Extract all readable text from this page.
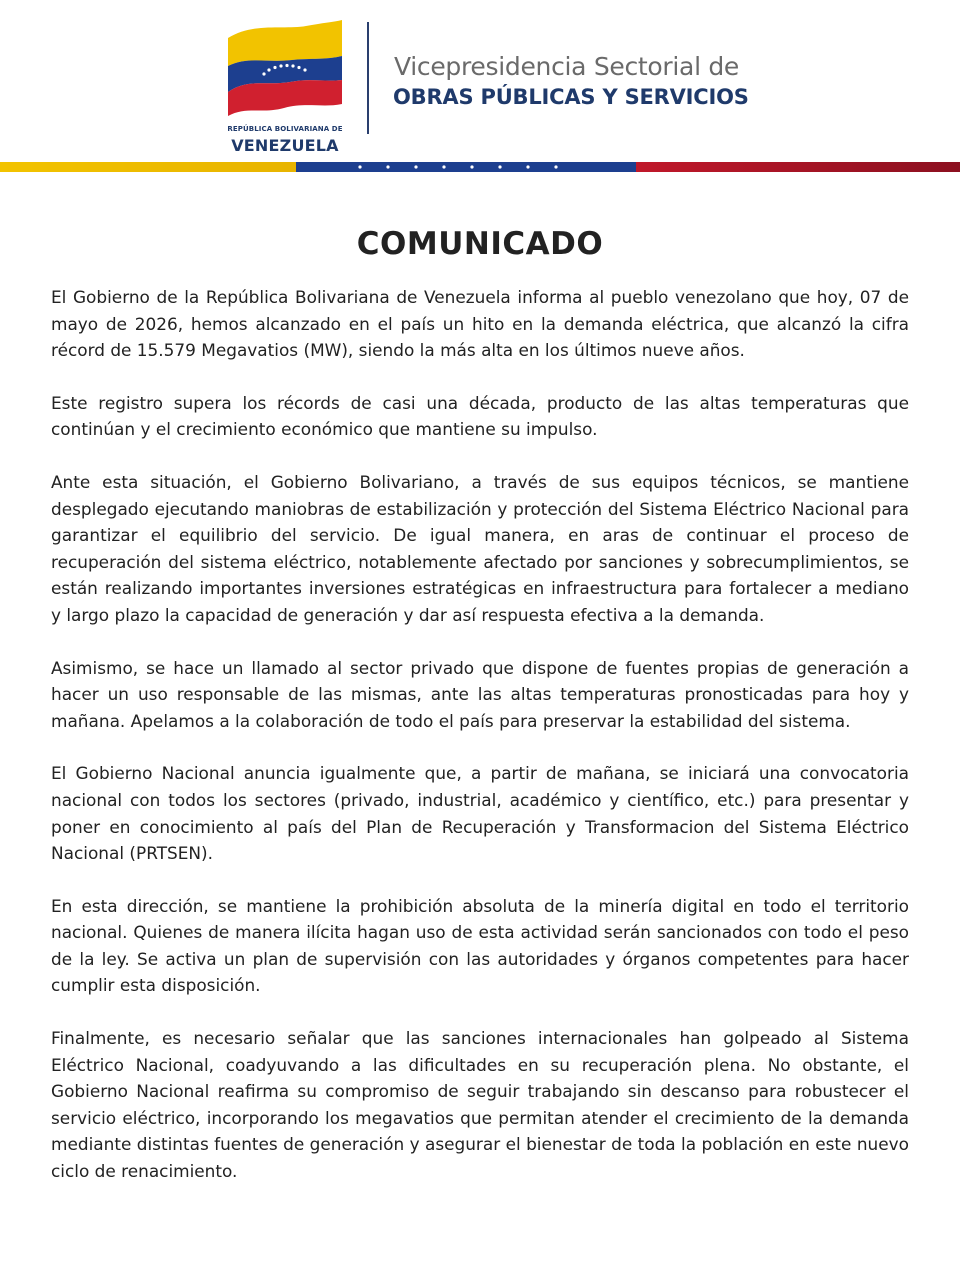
REPÚBLICA BOLIVARIANA DE
VENEZUELA
Vicepresidencia Sectorial de
OBRAS PÚBLICAS Y SERVICIOS
COMUNICADO

El Gobierno de la República Bolivariana de Venezuela informa al pueblo venezolano que hoy, 07 de mayo de 2026, hemos alcanzado en el país un hito en la demanda eléctrica, que alcanzó la cifra récord de 15.579 Megavatios (MW), siendo la más alta en los últimos nueve años.

Este registro supera los récords de casi una década, producto de las altas temperaturas que continúan y el crecimiento económico que mantiene su impulso.

Ante esta situación, el Gobierno Bolivariano, a través de sus equipos técnicos, se mantiene desplegado ejecutando maniobras de estabilización y protección del Sistema Eléctrico Nacional para garantizar el equilibrio del servicio. De igual manera, en aras de continuar el proceso de recuperación del sistema eléctrico, notablemente afectado por sanciones y sobrecumplimientos, se están realizando importantes inversiones estratégicas en infraestructura para fortalecer a mediano y largo plazo la capacidad de generación y dar así respuesta efectiva a la demanda.

Asimismo, se hace un llamado al sector privado que dispone de fuentes propias de generación a hacer un uso responsable de las mismas, ante las altas temperaturas pronosticadas para hoy y mañana. Apelamos a la colaboración de todo el país para preservar la estabilidad del sistema.

El Gobierno Nacional anuncia igualmente que, a partir de mañana, se iniciará una convocatoria nacional con todos los sectores (privado, industrial, académico y científico, etc.) para presentar y poner en conocimiento al país del Plan de Recuperación y Transformacion del Sistema Eléctrico Nacional (PRTSEN).

En esta dirección, se mantiene la prohibición absoluta de la minería digital en todo el territorio nacional. Quienes de manera ilícita hagan uso de esta actividad serán sancionados con todo el peso de la ley. Se activa un plan de supervisión con las autoridades y órganos competentes para hacer cumplir esta disposición.

Finalmente, es necesario señalar que las sanciones internacionales han golpeado al Sistema Eléctrico Nacional, coadyuvando a las dificultades en su recuperación plena. No obstante, el Gobierno Nacional reafirma su compromiso de seguir trabajando sin descanso para robustecer el servicio eléctrico, incorporando los megavatios que permitan atender el crecimiento de la demanda mediante distintas fuentes de generación y asegurar el bienestar de toda la población en este nuevo ciclo de renacimiento.
